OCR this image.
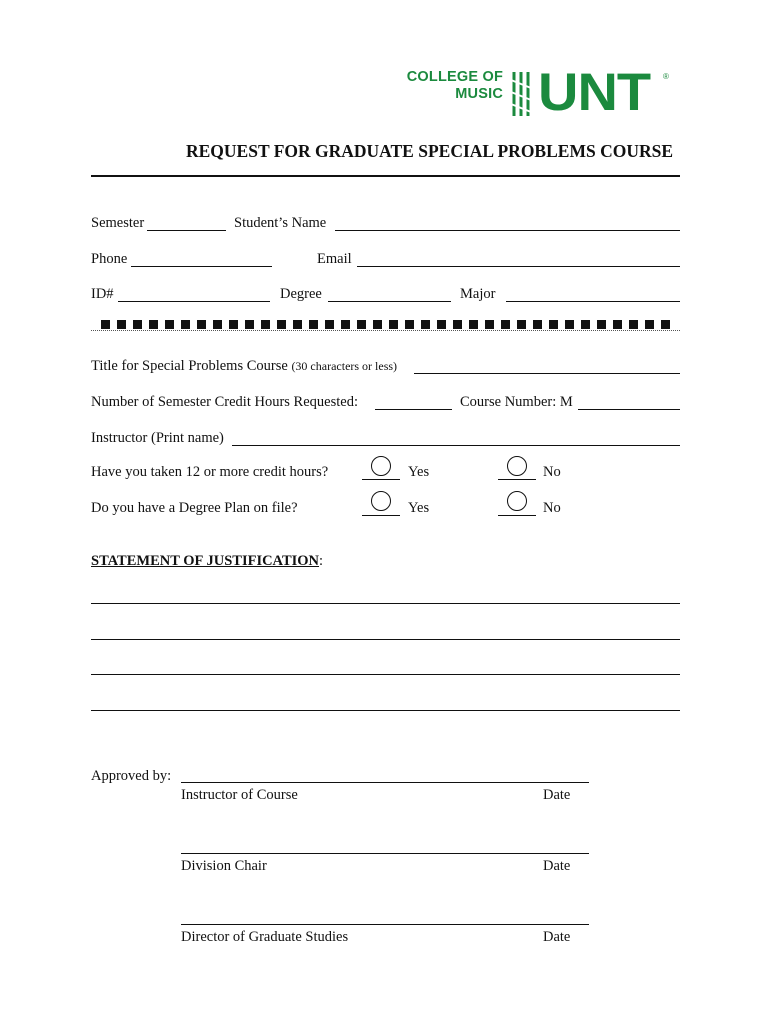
COLLEGE OF
MUSIC UNT ®
REQUEST FOR GRADUATE SPECIAL PROBLEMS COURSE
Semester	Student’s Name
Phone	Email
ID#	Degree	Major
Title for Special Problems Course (30 characters or less)
Number of Semester Credit Hours Requested:	Course Number: M
Instructor (Print name)
Have you taken 12 or more credit hours?	Yes	No
Do you have a Degree Plan on file?	Yes	No
STATEMENT OF JUSTIFICATION:
Approved by:
Instructor of Course	Date
Division Chair	Date
Director of Graduate Studies	Date
